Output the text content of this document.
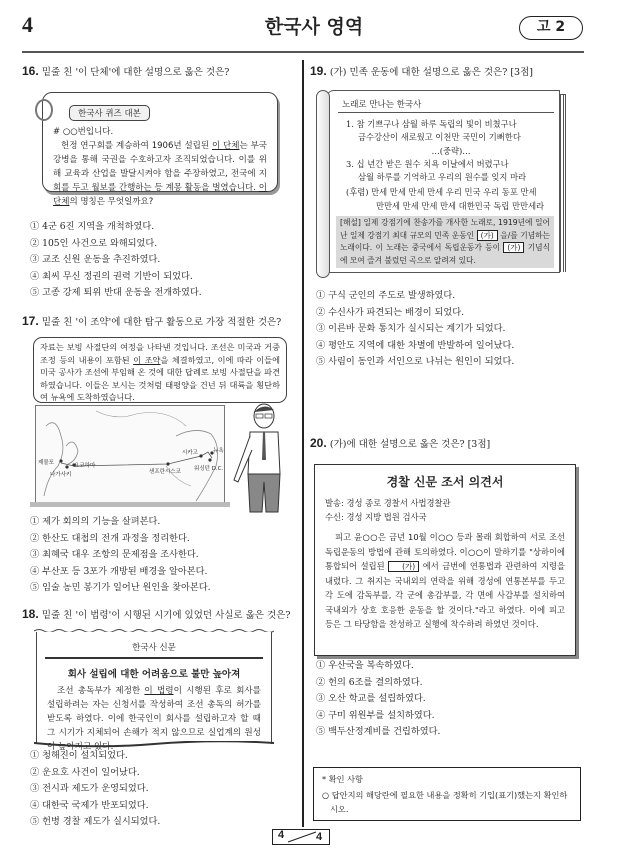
4	한국사 영역	고 2
16. 밑줄 친 '이 단체'에 대한 설명으로 옳은 것은?
한국사 퀴즈 대본
# ○○번입니다.
헌정 연구회를 계승하여 1906년 설립된 이 단체는 부국 강병을 통해 국권을 수호하고자 조직되었습니다. 이를 위해 교육과 산업을 발달시켜야 함을 주장하였고, 전국에 지회를 두고 월보를 간행하는 등 계몽 활동을 벌였습니다. 이 단체의 명칭은 무엇일까요?
① 4군 6진 지역을 개척하였다.
② 105인 사건으로 와해되었다.
③ 교조 신원 운동을 추진하였다.
④ 최씨 무신 정권의 권력 기반이 되었다.
⑤ 고종 강제 퇴위 반대 운동을 전개하였다.
17. 밑줄 친 '이 조약'에 대한 탐구 활동으로 가장 적절한 것은?
자료는 보빙 사절단의 여정을 나타낸 것입니다. 조선은 미국과 거중 조정 등의 내용이 포함된 이 조약을 체결하였고, 이에 따라 이들에 미국 공사가 조선에 부임해 온 것에 대한 답례로 보빙 사절단을 파견하였습니다. 이들은 보시는 것처럼 태평양을 건넌 뒤 대륙을 횡단하여 뉴욕에 도착하였습니다.
제물포
나가사키
요코하마
샌프란시스코
시카고	뉴욕
워싱턴 D.C.
① 제가 회의의 기능을 살펴본다.
② 한산도 대첩의 전개 과정을 정리한다.
③ 최혜국 대우 조항의 문제점을 조사한다.
④ 부산포 등 3포가 개방된 배경을 알아본다.
⑤ 임술 농민 봉기가 일어난 원인을 찾아본다.
18. 밑줄 친 '이 법령'이 시행된 시기에 있었던 사실로 옳은 것은?
한국사 신문
회사 설립에 대한 어려움으로 불만 높아져
조선 총독부가 제정한 이 법령이 시행된 후로 회사를 설립하려는 자는 신청서를 작성하여 조선 총독의 허가를 받도록 하였다. 이에 한국인이 회사를 설립하고자 할 때 그 시기가 지체되어 손해가 적지 않으므로 실업계의 원성이 높아지고 있다.
① 청해진이 설치되었다.
② 운요호 사건이 일어났다.
③ 전시과 제도가 운영되었다.
④ 대한국 국제가 반포되었다.
⑤ 헌병 경찰 제도가 실시되었다.
19. (가) 민족 운동에 대한 설명으로 옳은 것은? [3점]
노래로 만나는 한국사
1. 참 기쁘구나 삼월 하루 독립의 빛이 비쳤구나
금수강산이 새로웠고 이천만 국민이 기뻐한다
…(중략)…
3. 십 년간 받은 원수 치욕 이날에서 버렸구나
삼월 하루를 기억하고 우리의 원수를 잊지 마라
(후렴) 만세 만세 만세 만세 우리 민국 우리 동포 만세
만만세 만세 만세 만세 대한민국 독립 만만세라
[해설] 일제 강점기에 찬송가를 개사한 노래로, 1919년에 일어난 일제 강점기 최대 규모의 민족 운동인 (가) 을/를 기념하는 노래이다. 이 노래는 중국에서 독립운동가 등이 (가) 기념식에 모여 즐겨 불렀던 곡으로 알려져 있다.
① 구식 군인의 주도로 발생하였다.
② 수신사가 파견되는 배경이 되었다.
③ 이른바 문화 통치가 실시되는 계기가 되었다.
④ 평안도 지역에 대한 차별에 반발하여 일어났다.
⑤ 사림이 동인과 서인으로 나뉘는 원인이 되었다.
20. (가)에 대한 설명으로 옳은 것은? [3점]
경찰 신문 조서 의견서
발송: 경성 종로 경찰서 사법경찰관
수신: 경성 지방 법원 검사국
피고 윤○○은 금년 10월 이○○ 등과 몰래 회합하여 서로 조선 독립운동의 방법에 관해 토의하였다. 이○○이 말하기를 "상하이에 통합되어 설립된 (가) 에서 금번에 연통법과 관련하여 지령을 내렸다. 그 취지는 국내외의 연락을 위해 경성에 연통본부를 두고 각 도에 감독부를, 각 군에 총감부를, 각 면에 사감부를 설치하여 국내외가 상호 호응한 운동을 할 것이다."라고 하였다. 이에 피고 등은 그 타당함을 찬성하고 실행에 착수하려 하였던 것이다.
① 우산국을 복속하였다.
② 헌의 6조를 결의하였다.
③ 오산 학교를 설립하였다.
④ 구미 위원부를 설치하였다.
⑤ 백두산정계비를 건립하였다.
* 확인 사항
○ 답안지의 해당란에 필요한 내용을 정확히 기입(표기)했는지 확인하시오.
4	4
